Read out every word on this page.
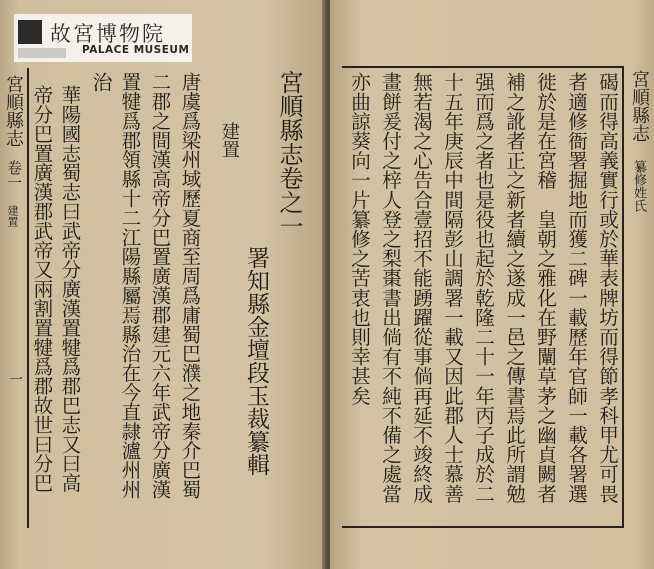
宮順縣志
卷一
建置
一
宮順縣志卷之一
署知縣金壇段玉裁纂輯
建置
治	唐虞爲梁州域歷夏商至周爲庸蜀巴濮之地秦介巴蜀
二郡之間漢高帝分巴置廣漢郡建元六年武帝分廣漢
置犍爲郡領縣十二江陽縣屬焉縣治在今直隷瀘州州
華陽國志蜀志曰武帝分廣漢置犍爲郡巴志又曰高
帝分巴置廣漢郡武帝又兩割置犍爲郡故世曰分巴
故宮博物院
PALACE MUSEUM
宮順縣志
纂修姓氏
碣而得高義實行或於華表牌坊而得節孝科甲尤可畏
者適修衙署掘地而獲二碑一載歷年官師一載各署選
徙於是在宮稽　皇朝之雅化在野闡草茅之幽貞闕者
補之訛者正之新者續之遂成一邑之傳書焉此所謂勉
强而爲之者也是役也起於乾隆二十一年丙子成於二
十五年庚辰中間隔彭山調署一載又因此郡人士慕善
無若渴之心告合壹招不能踴躍從事倘再延不竣終成
畫餅爰付之梓人登之梨棗書出倘有不純不備之處當
亦曲諒葵向一片纂修之苦衷也則幸甚矣
